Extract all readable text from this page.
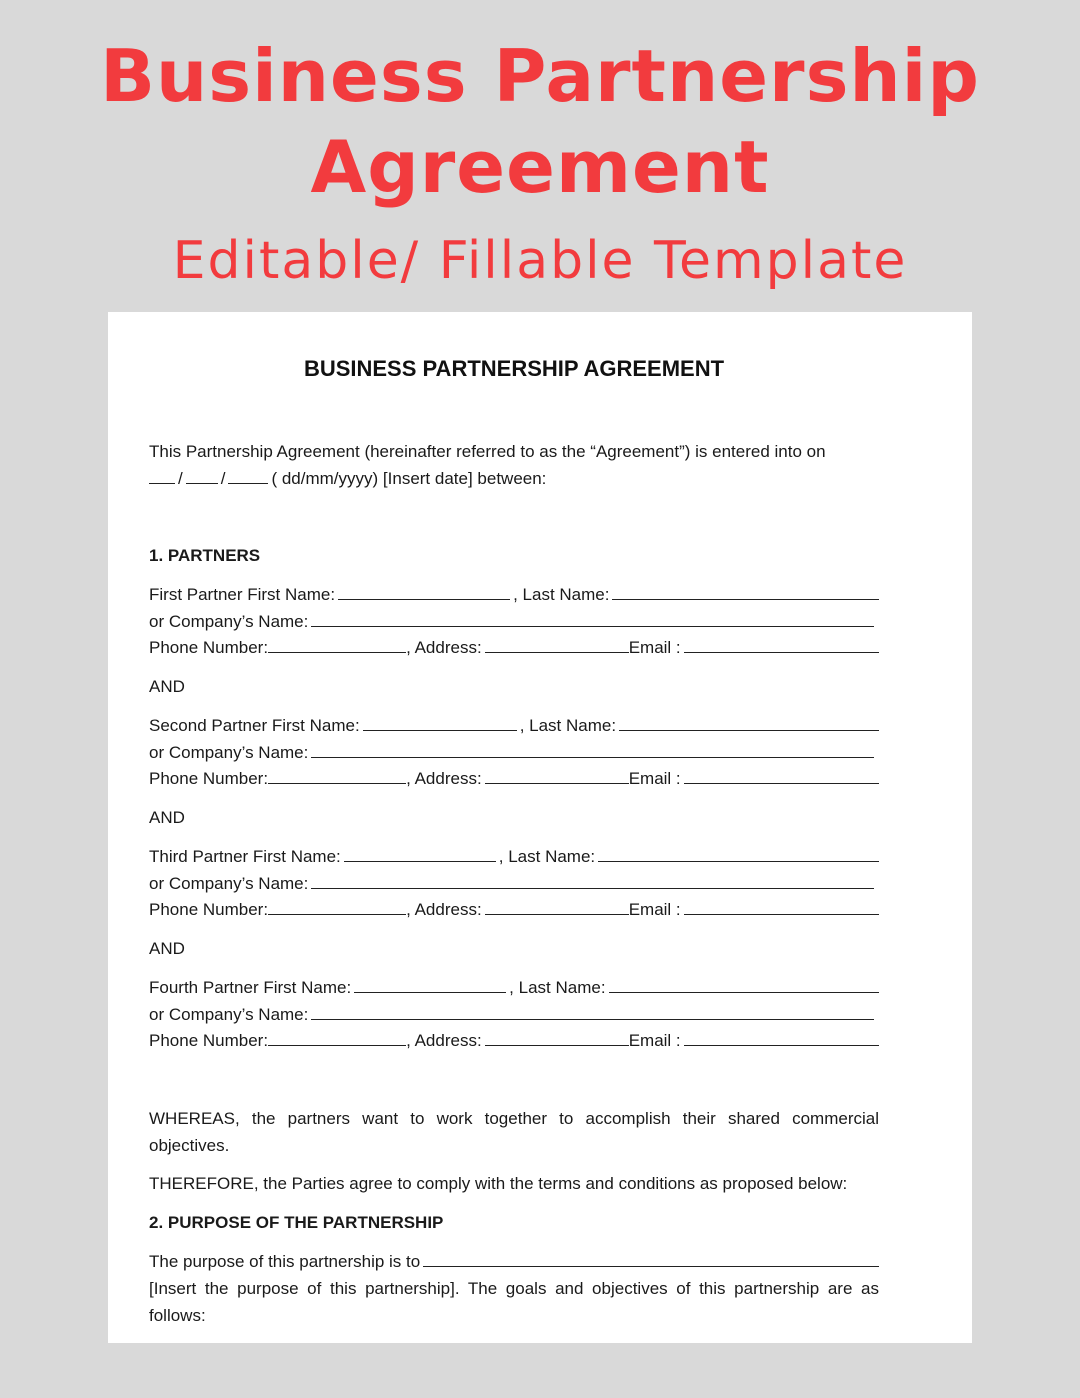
Business Partnership
Agreement
Editable/ Fillable Template
BUSINESS PARTNERSHIP AGREEMENT
This Partnership Agreement (hereinafter referred to as the “Agreement”) is entered into on
/ /	( dd/mm/yyyy) [Insert date] between:
1. PARTNERS
First Partner First Name:	, Last Name:
or Company’s Name:
Phone Number:	, Address:	Email :
AND
Second Partner First Name:	, Last Name:
or Company’s Name:
Phone Number:	, Address:	Email :
AND
Third Partner First Name:	, Last Name:
or Company’s Name:
Phone Number:	, Address:	Email :
AND
Fourth Partner First Name:	, Last Name:
or Company’s Name:
Phone Number:	, Address:	Email :
WHEREAS, the partners want to work together to accomplish their shared commercial objectives.
THEREFORE, the Parties agree to comply with the terms and conditions as proposed below:
2. PURPOSE OF THE PARTNERSHIP
The purpose of this partnership is to
[Insert the purpose of this partnership]. The goals and objectives of this partnership are as follows:
